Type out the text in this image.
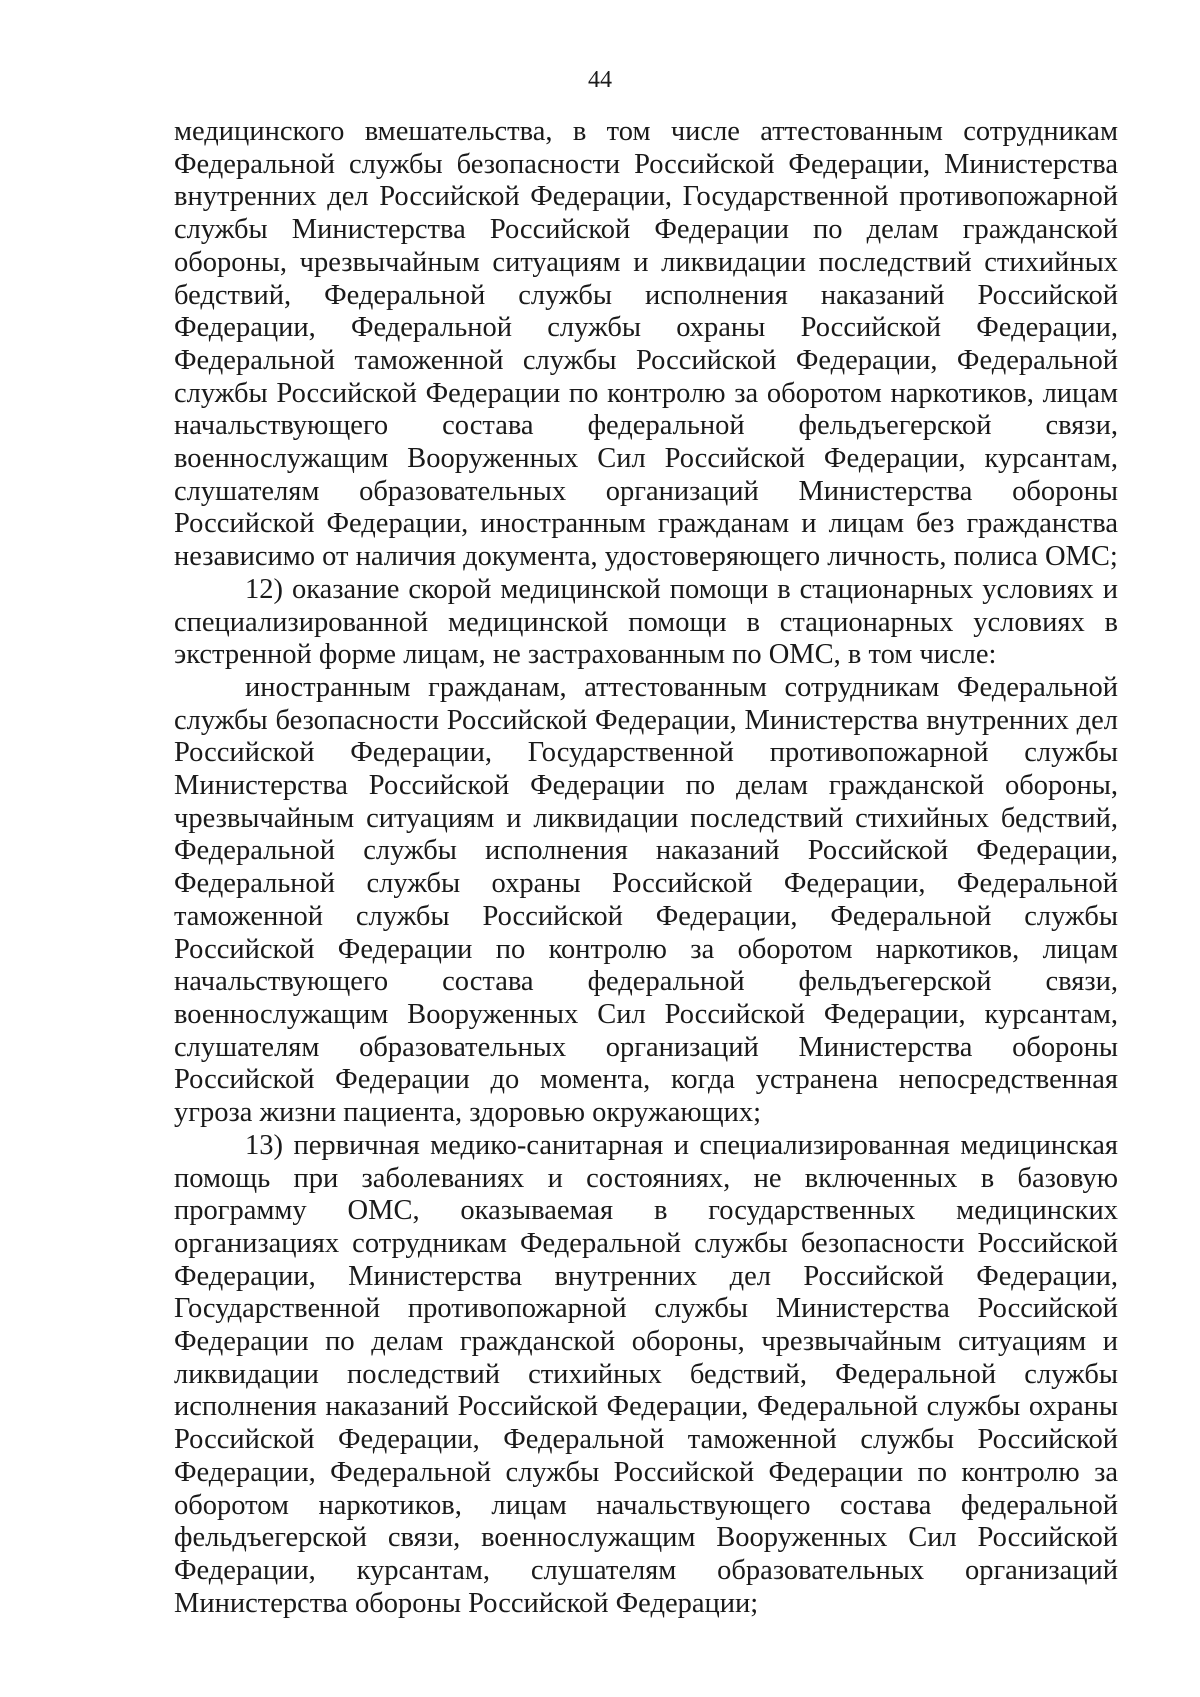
44

медицинского вмешательства, в том числе аттестованным сотрудникам Федеральной службы безопасности Российской Федерации, Министерства внутренних дел Российской Федерации, Государственной противопожарной службы Министерства Российской Федерации по делам гражданской обороны, чрезвычайным ситуациям и ликвидации последствий стихийных бедствий, Федеральной службы исполнения наказаний Российской Федерации, Федеральной службы охраны Российской Федерации, Федеральной таможенной службы Российской Федерации, Федеральной службы Российской Федерации по контролю за оборотом наркотиков, лицам начальствующего состава федеральной фельдъегерской связи, военнослужащим Вооруженных Сил Российской Федерации, курсантам, слушателям образовательных организаций Министерства обороны Российской Федерации, иностранным гражданам и лицам без гражданства независимо от наличия документа, удостоверяющего личность, полиса ОМС;

12) оказание скорой медицинской помощи в стационарных условиях и специализированной медицинской помощи в стационарных условиях в экстренной форме лицам, не застрахованным по ОМС, в том числе:

иностранным гражданам, аттестованным сотрудникам Федеральной службы безопасности Российской Федерации, Министерства внутренних дел Российской Федерации, Государственной противопожарной службы Министерства Российской Федерации по делам гражданской обороны, чрезвычайным ситуациям и ликвидации последствий стихийных бедствий, Федеральной службы исполнения наказаний Российской Федерации, Федеральной службы охраны Российской Федерации, Федеральной таможенной службы Российской Федерации, Федеральной службы Российской Федерации по контролю за оборотом наркотиков, лицам начальствующего состава федеральной фельдъегерской связи, военнослужащим Вооруженных Сил Российской Федерации, курсантам, слушателям образовательных организаций Министерства обороны Российской Федерации до момента, когда устранена непосредственная угроза жизни пациента, здоровью окружающих;

13) первичная медико-санитарная и специализированная медицинская помощь при заболеваниях и состояниях, не включенных в базовую программу ОМС, оказываемая в государственных медицинских организациях сотрудникам Федеральной службы безопасности Российской Федерации, Министерства внутренних дел Российской Федерации, Государственной противопожарной службы Министерства Российской Федерации по делам гражданской обороны, чрезвычайным ситуациям и ликвидации последствий стихийных бедствий, Федеральной службы исполнения наказаний Российской Федерации, Федеральной службы охраны Российской Федерации, Федеральной таможенной службы Российской Федерации, Федеральной службы Российской Федерации по контролю за оборотом наркотиков, лицам начальствующего состава федеральной фельдъегерской связи, военнослужащим Вооруженных Сил Российской Федерации, курсантам, слушателям образовательных организаций Министерства обороны Российской Федерации;
